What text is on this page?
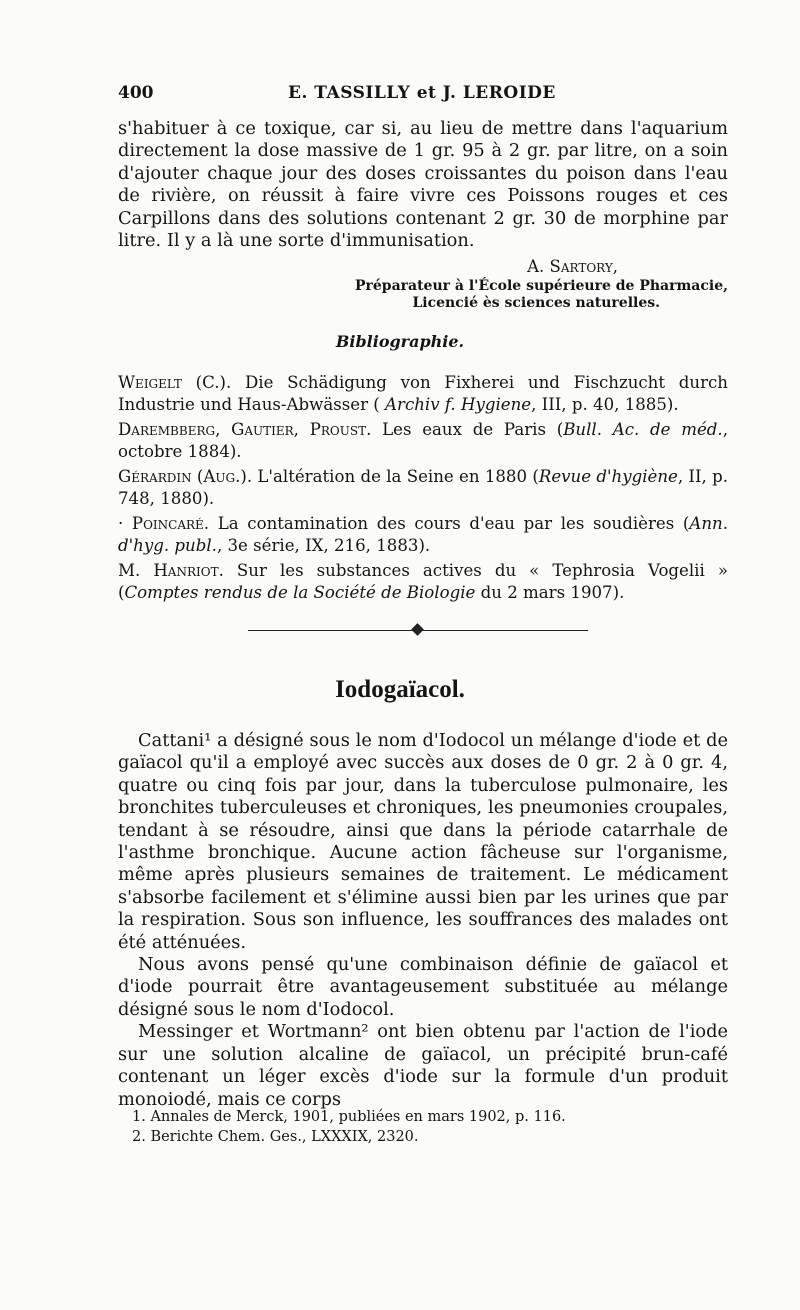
400	E. TASSILLY et J. LEROIDE

s'habituer à ce toxique, car si, au lieu de mettre dans l'aquarium directement la dose massive de 1 gr. 95 à 2 gr. par litre, on a soin d'ajouter chaque jour des doses croissantes du poison dans l'eau de rivière, on réussit à faire vivre ces Poissons rouges et ces Carpillons dans des solutions contenant 2 gr. 30 de morphine par litre. Il y a là une sorte d'immunisation.

A. Sartory,
Préparateur à l'École supérieure de Pharmacie,
Licencié ès sciences naturelles.
Bibliographie.

Weigelt (C.). Die Schädigung von Fixherei und Fischzucht durch Industrie und Haus-Abwässer ( Archiv f. Hygiene, III, p. 40, 1885).

Darembberg, Gautier, Proust. Les eaux de Paris (Bull. Ac. de méd., octobre 1884).

Gérardin (Aug.). L'altération de la Seine en 1880 (Revue d'hygiène, II, p. 748, 1880).

· Poincaré. La contamination des cours d'eau par les soudières (Ann. d'hyg. publ., 3e série, IX, 216, 1883).

M. Hanriot. Sur les substances actives du « Tephrosia Vogelii » (Comptes rendus de la Société de Biologie du 2 mars 1907).

Iodogaïacol.

Cattani¹ a désigné sous le nom d'Iodocol un mélange d'iode et de gaïacol qu'il a employé avec succès aux doses de 0 gr. 2 à 0 gr. 4, quatre ou cinq fois par jour, dans la tuberculose pulmonaire, les bronchites tuberculeuses et chroniques, les pneumonies croupales, tendant à se résoudre, ainsi que dans la période catarrhale de l'asthme bronchique. Aucune action fâcheuse sur l'organisme, même après plusieurs semaines de traitement. Le médicament s'absorbe facilement et s'élimine aussi bien par les urines que par la respiration. Sous son influence, les souffrances des malades ont été atténuées.

Nous avons pensé qu'une combinaison définie de gaïacol et d'iode pourrait être avantageusement substituée au mélange désigné sous le nom d'Iodocol.

Messinger et Wortmann² ont bien obtenu par l'action de l'iode sur une solution alcaline de gaïacol, un précipité brun-café contenant un léger excès d'iode sur la formule d'un produit monoiodé, mais ce corps

1. Annales de Merck, 1901, publiées en mars 1902, p. 116.

2. Berichte Chem. Ges., LXXXIX, 2320.
